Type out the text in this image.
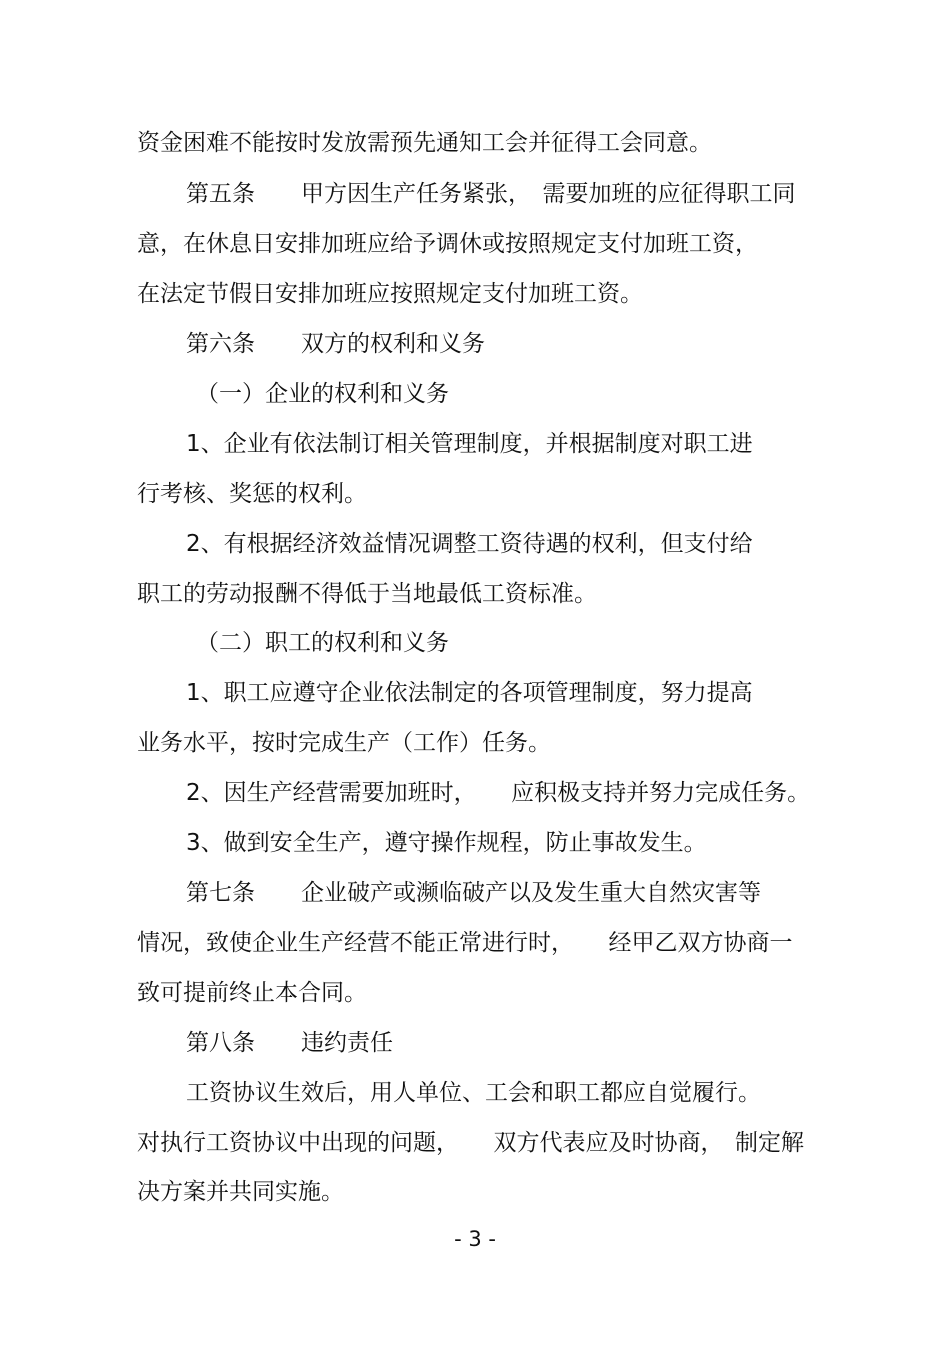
资金困难不能按时发放需预先通知工会并征得工会同意。
第五条　　甲方因生产任务紧张，　需要加班的应征得职工同
意，在休息日安排加班应给予调休或按照规定支付加班工资，
在法定节假日安排加班应按照规定支付加班工资。
第六条　　双方的权利和义务
（一）企业的权利和义务
1、企业有依法制订相关管理制度，并根据制度对职工进
行考核、奖惩的权利。
2、有根据经济效益情况调整工资待遇的权利，但支付给
职工的劳动报酬不得低于当地最低工资标准。
（二）职工的权利和义务
1、职工应遵守企业依法制定的各项管理制度，努力提高
业务水平，按时完成生产（工作）任务。
2、因生产经营需要加班时，　　应积极支持并努力完成任务。
3、做到安全生产，遵守操作规程，防止事故发生。
第七条　　企业破产或濒临破产以及发生重大自然灾害等
情况，致使企业生产经营不能正常进行时，　　经甲乙双方协商一
致可提前终止本合同。
第八条　　违约责任
工资协议生效后，用人单位、工会和职工都应自觉履行。
对执行工资协议中出现的问题，　　双方代表应及时协商，　制定解
决方案并共同实施。
- 3 -
